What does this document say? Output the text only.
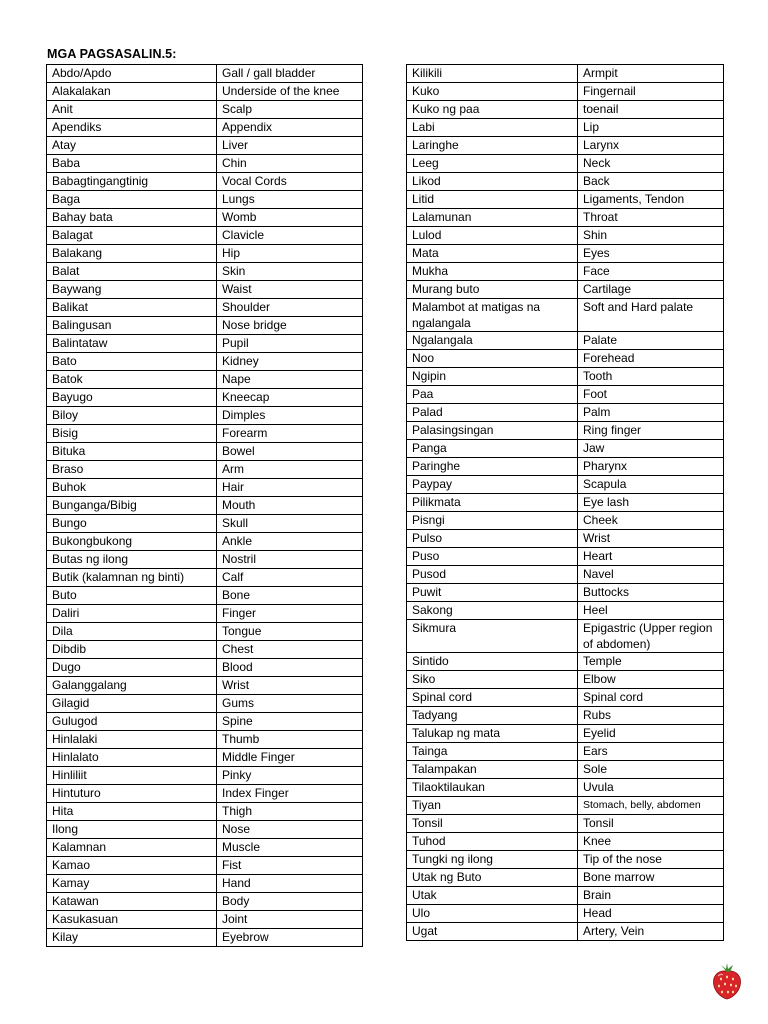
MGA PAGSASALIN.5:
Abdo/Apdo	Gall / gall bladder
Alakalakan	Underside of the knee
Anit	Scalp
Apendiks	Appendix
Atay	Liver
Baba	Chin
Babagtingangtinig	Vocal Cords
Baga	Lungs
Bahay bata	Womb
Balagat	Clavicle
Balakang	Hip
Balat	Skin
Baywang	Waist
Balikat	Shoulder
Balingusan	Nose bridge
Balintataw	Pupil
Bato	Kidney
Batok	Nape
Bayugo	Kneecap
Biloy	Dimples
Bisig	Forearm
Bituka	Bowel
Braso	Arm
Buhok	Hair
Bunganga/Bibig	Mouth
Bungo	Skull
Bukongbukong	Ankle
Butas ng ilong	Nostril
Butik (kalamnan ng binti)	Calf
Buto	Bone
Daliri	Finger
Dila	Tongue
Dibdib	Chest
Dugo	Blood
Galanggalang	Wrist
Gilagid	Gums
Gulugod	Spine
Hinlalaki	Thumb
Hinlalato	Middle Finger
Hinliliit	Pinky
Hintuturo	Index Finger
Hita	Thigh
Ilong	Nose
Kalamnan	Muscle
Kamao	Fist
Kamay	Hand
Katawan	Body
Kasukasuan	Joint
Kilay	Eyebrow
Kilikili	Armpit
Kuko	Fingernail
Kuko ng paa	toenail
Labi	Lip
Laringhe	Larynx
Leeg	Neck
Likod	Back
Litid	Ligaments, Tendon
Lalamunan	Throat
Lulod	Shin
Mata	Eyes
Mukha	Face
Murang buto	Cartilage
Malambot at matigas na ngalangala	Soft and Hard palate
Ngalangala	Palate
Noo	Forehead
Ngipin	Tooth
Paa	Foot
Palad	Palm
Palasingsingan	Ring finger
Panga	Jaw
Paringhe	Pharynx
Paypay	Scapula
Pilikmata	Eye lash
Pisngi	Cheek
Pulso	Wrist
Puso	Heart
Pusod	Navel
Puwit	Buttocks
Sakong	Heel
Sikmura	Epigastric (Upper region of abdomen)
Sintido	Temple
Siko	Elbow
Spinal cord	Spinal cord
Tadyang	Rubs
Talukap ng mata	Eyelid
Tainga	Ears
Talampakan	Sole
Tilaoktilaukan	Uvula
Tiyan	Stomach, belly, abdomen
Tonsil	Tonsil
Tuhod	Knee
Tungki ng ilong	Tip of the nose
Utak ng Buto	Bone marrow
Utak	Brain
Ulo	Head
Ugat	Artery, Vein
